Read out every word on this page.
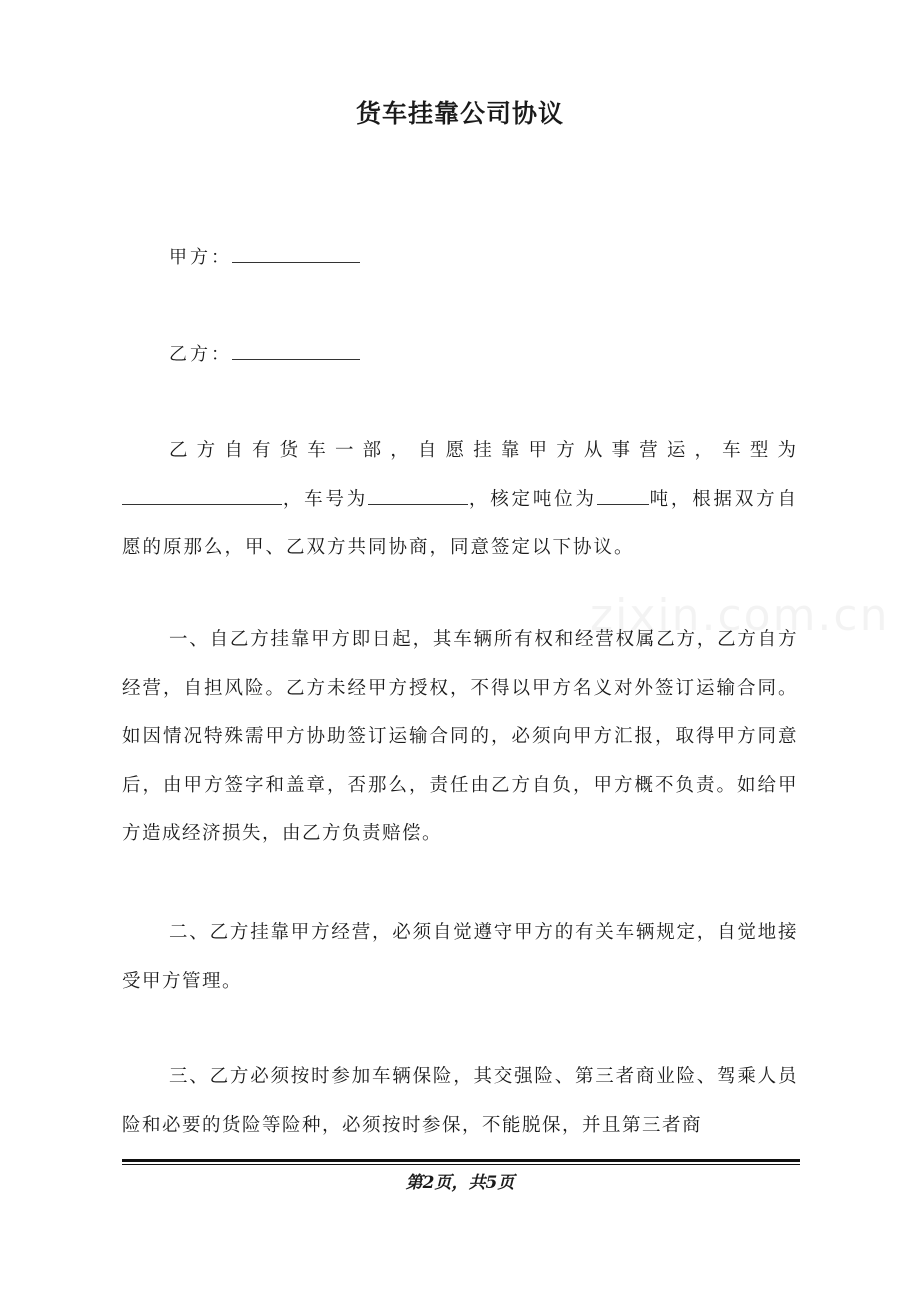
货车挂靠公司协议
甲方：
乙方：
乙方自有货车一部，自愿挂靠甲方从事营运，车型为，车号为	，核定吨位为	吨，根据双方自愿的原那么，甲、乙双方共同协商，同意签定以下协议。
一、自乙方挂靠甲方即日起，其车辆所有权和经营权属乙方，乙方自方经营，自担风险。乙方未经甲方授权，不得以甲方名义对外签订运输合同。如因情况特殊需甲方协助签订运输合同的，必须向甲方汇报，取得甲方同意后，由甲方签字和盖章，否那么，责任由乙方自负，甲方概不负责。如给甲方造成经济损失，由乙方负责赔偿。
二、乙方挂靠甲方经营，必须自觉遵守甲方的有关车辆规定，自觉地接受甲方管理。
三、乙方必须按时参加车辆保险，其交强险、第三者商业险、驾乘人员险和必要的货险等险种，必须按时参保，不能脱保，并且第三者商
第2页，共5页
